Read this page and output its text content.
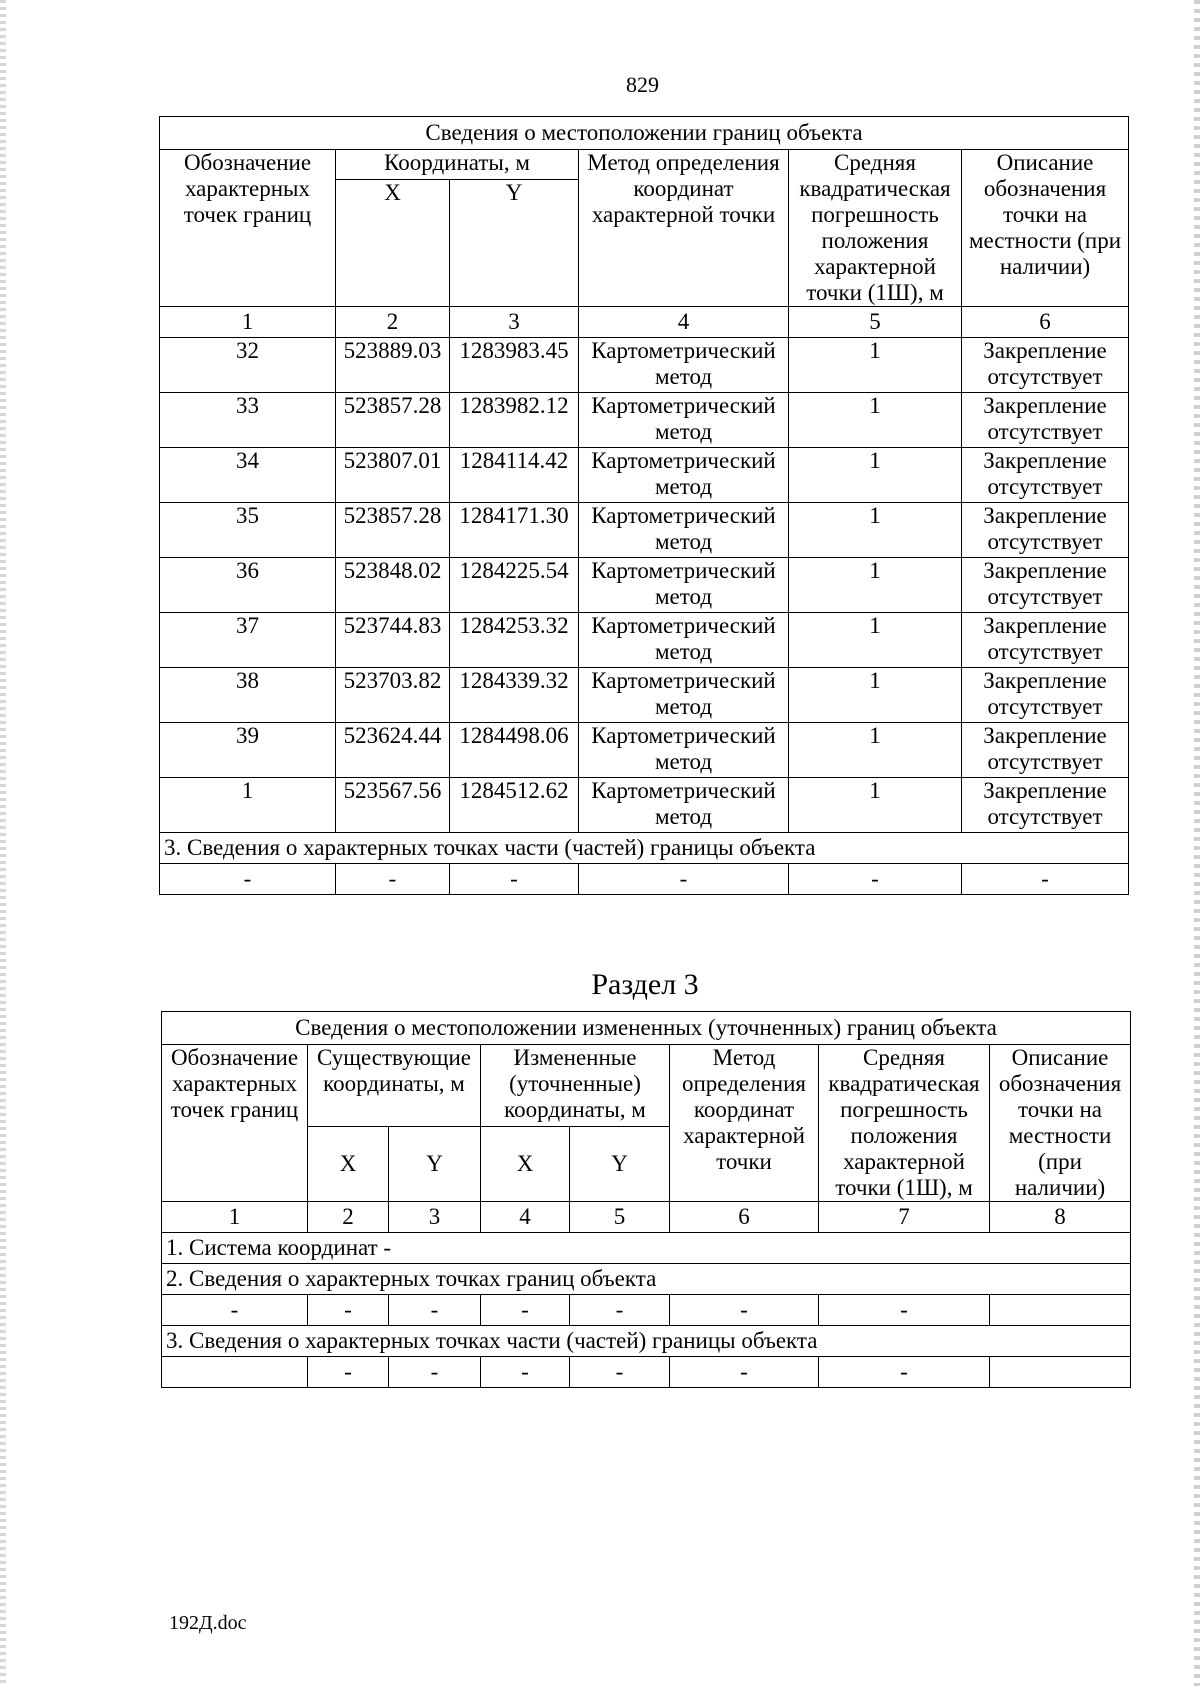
829
Сведения о местоположении границ объекта					
Обозначение характерных точек границ	Координаты, м		Метод определения координат характерной точки	Средняя квадратическая погрешность положения характерной точки (1Ш), м	Описание обозначения точки на местности (при наличии)
	X	Y			
1	2	3	4	5	6
32	523889.03	1283983.45	Картометрический метод	1	Закрепление отсутствует
33	523857.28	1283982.12	Картометрический метод	1	Закрепление отсутствует
34	523807.01	1284114.42	Картометрический метод	1	Закрепление отсутствует
35	523857.28	1284171.30	Картометрический метод	1	Закрепление отсутствует
36	523848.02	1284225.54	Картометрический метод	1	Закрепление отсутствует
37	523744.83	1284253.32	Картометрический метод	1	Закрепление отсутствует
38	523703.82	1284339.32	Картометрический метод	1	Закрепление отсутствует
39	523624.44	1284498.06	Картометрический метод	1	Закрепление отсутствует
1	523567.56	1284512.62	Картометрический метод	1	Закрепление отсутствует
3. Сведения о характерных точках части (частей) границы объекта					
-	-	-	-	-	-
Раздел 3
Сведения о местоположении измененных (уточненных) границ объекта							
Обозначение характерных точек границ	Существующие координаты, м		Измененные (уточненные) координаты, м		Метод определения координат характерной точки	Средняя квадратическая погрешность положения характерной точки (1Ш), м	Описание обозначения точки на местности (при наличии)
	X	Y	X	Y			
1	2	3	4	5	6	7	8
1. Система координат -							
2. Сведения о характерных точках границ объекта							
-	-	-	-	-	-	-	
3. Сведения о характерных точках части (частей) границы объекта							
	-	-	-	-	-	-	
192Д.doc
